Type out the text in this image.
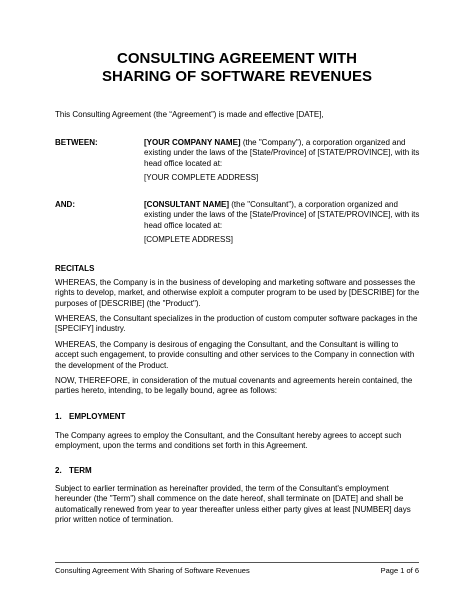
CONSULTING AGREEMENT WITH
SHARING OF SOFTWARE REVENUES
This Consulting Agreement (the “Agreement”) is made and effective [DATE],
BETWEEN:	[YOUR COMPANY NAME] (the "Company"), a corporation organized and existing under the laws of the [State/Province] of [STATE/PROVINCE], with its head office located at:
[YOUR COMPLETE ADDRESS]
AND:	[CONSULTANT NAME] (the "Consultant"), a corporation organized and existing under the laws of the [State/Province] of [STATE/PROVINCE], with its head office located at:
[COMPLETE ADDRESS]
RECITALS
WHEREAS, the Company is in the business of developing and marketing software and possesses the rights to develop, market, and otherwise exploit a computer program to be used by [DESCRIBE] for the purposes of [DESCRIBE] (the "Product").
WHEREAS, the Consultant specializes in the production of custom computer software packages in the [SPECIFY] industry.
WHEREAS, the Company is desirous of engaging the Consultant, and the Consultant is willing to accept such engagement, to provide consulting and other services to the Company in connection with the development of the Product.
NOW, THEREFORE, in consideration of the mutual covenants and agreements herein contained, the parties hereto, intending, to be legally bound, agree as follows:
1. EMPLOYMENT
The Company agrees to employ the Consultant, and the Consultant hereby agrees to accept such employment, upon the terms and conditions set forth in this Agreement.
2. TERM
Subject to earlier termination as hereinafter provided, the term of the Consultant's employment hereunder (the "Term") shall commence on the date hereof, shall terminate on [DATE] and shall be automatically renewed from year to year thereafter unless either party gives at least [NUMBER] days prior written notice of termination.
Consulting Agreement With Sharing of Software Revenues	Page 1 of 6
